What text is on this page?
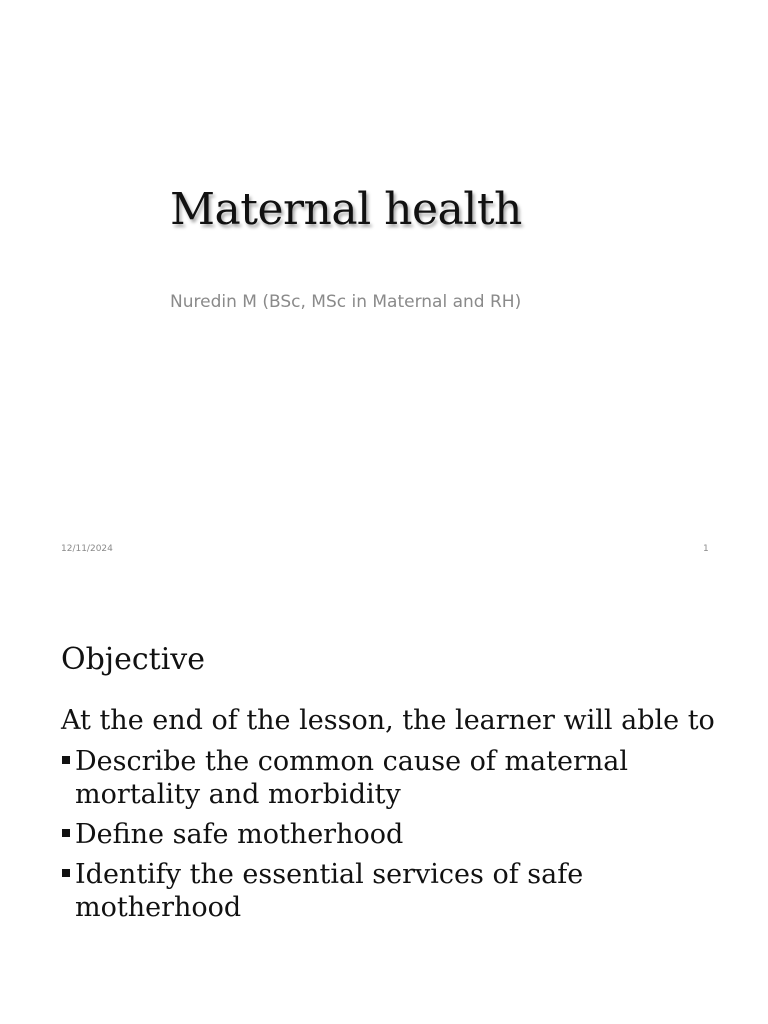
Maternal health
Nuredin M (BSc, MSc in Maternal and RH)
12/11/2024	1
Objective
At the end of the lesson, the learner will able to
Describe the common cause of maternal mortality and morbidity
Define safe motherhood
Identify the essential services of safe motherhood
